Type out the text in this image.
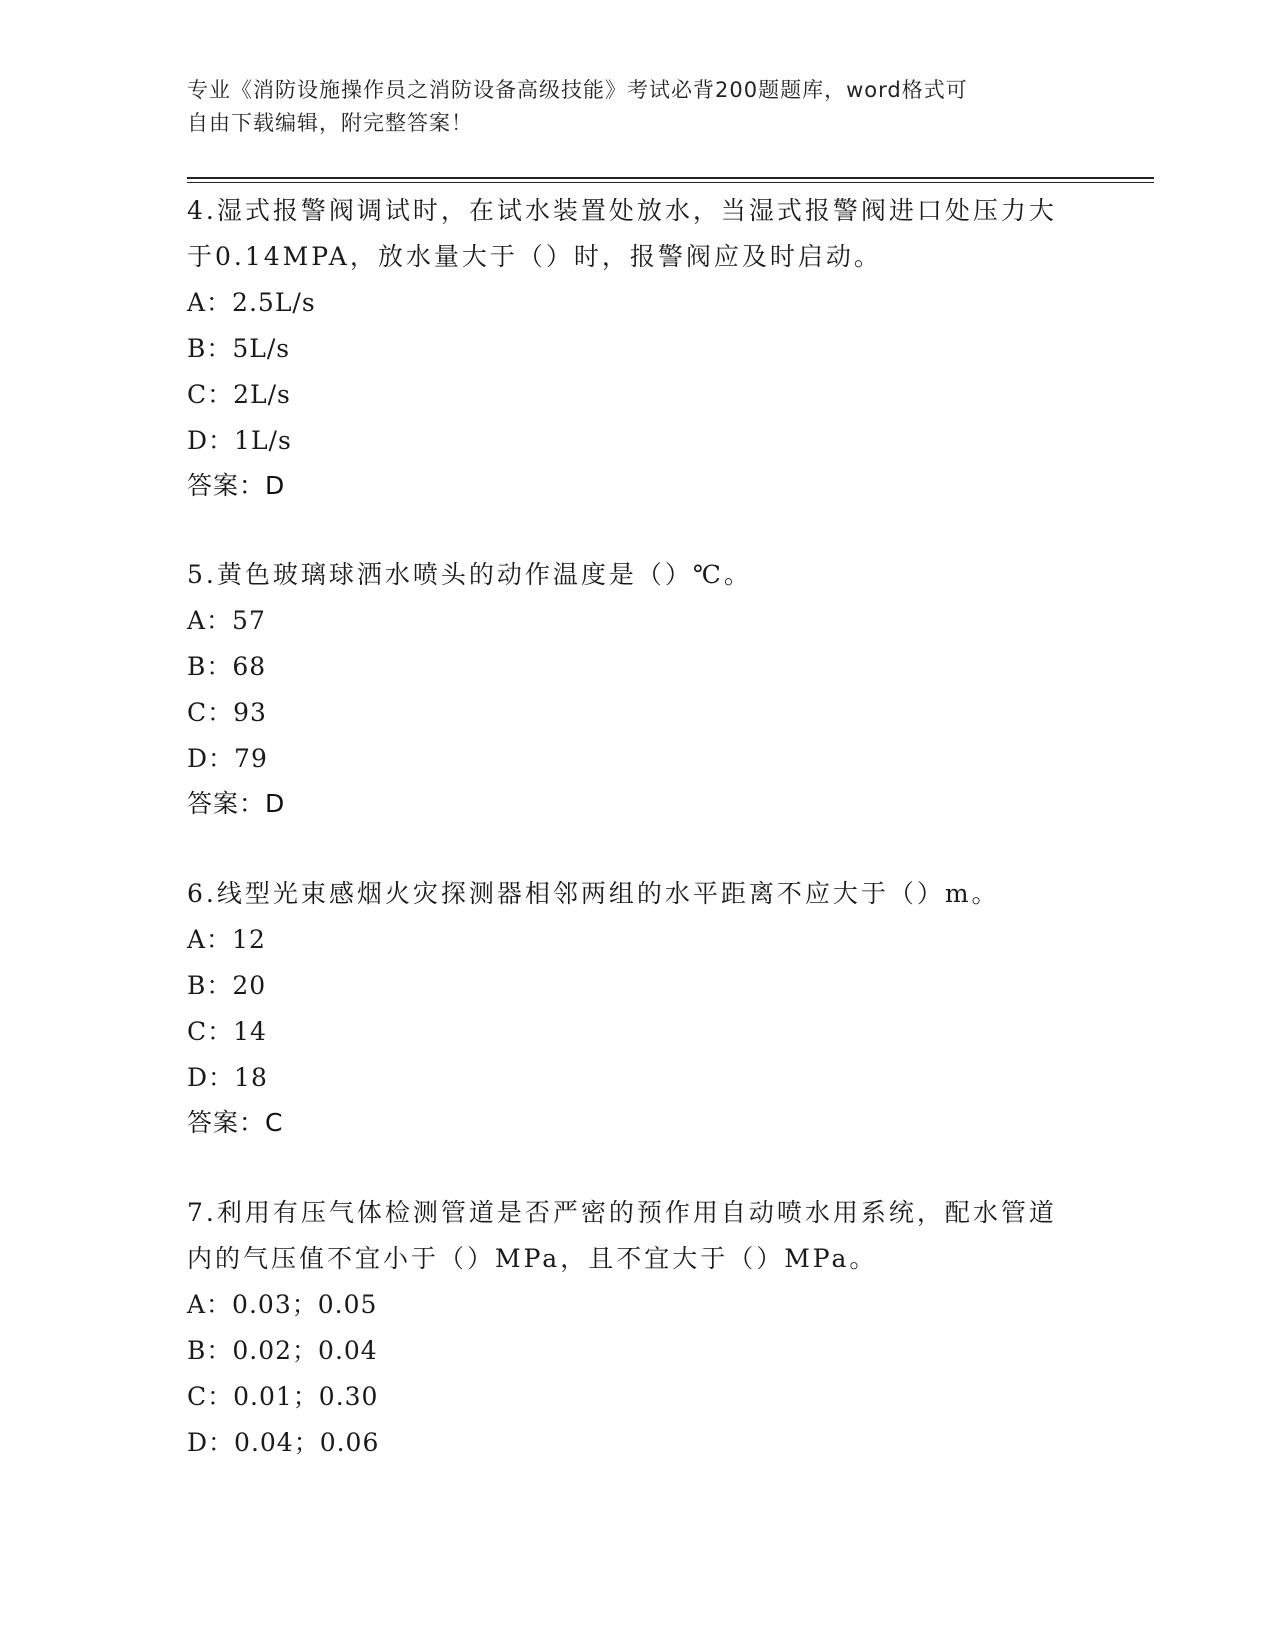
专业《消防设施操作员之消防设备高级技能》考试必背200题题库，word格式可
自由下载编辑，附完整答案！
4.湿式报警阀调试时，在试水装置处放水，当湿式报警阀进口处压力大于0.14MPA，放水量大于（）时，报警阀应及时启动。
A：2.5L/s
B：5L/s
C：2L/s
D：1L/s
答案：D
5.黄色玻璃球洒水喷头的动作温度是（）℃。
A：57
B：68
C：93
D：79
答案：D
6.线型光束感烟火灾探测器相邻两组的水平距离不应大于（）m。
A：12
B：20
C：14
D：18
答案：C
7.利用有压气体检测管道是否严密的预作用自动喷水用系统，配水管道内的气压值不宜小于（）MPa，且不宜大于（）MPa。
A：0.03；0.05
B：0.02；0.04
C：0.01；0.30
D：0.04；0.06
